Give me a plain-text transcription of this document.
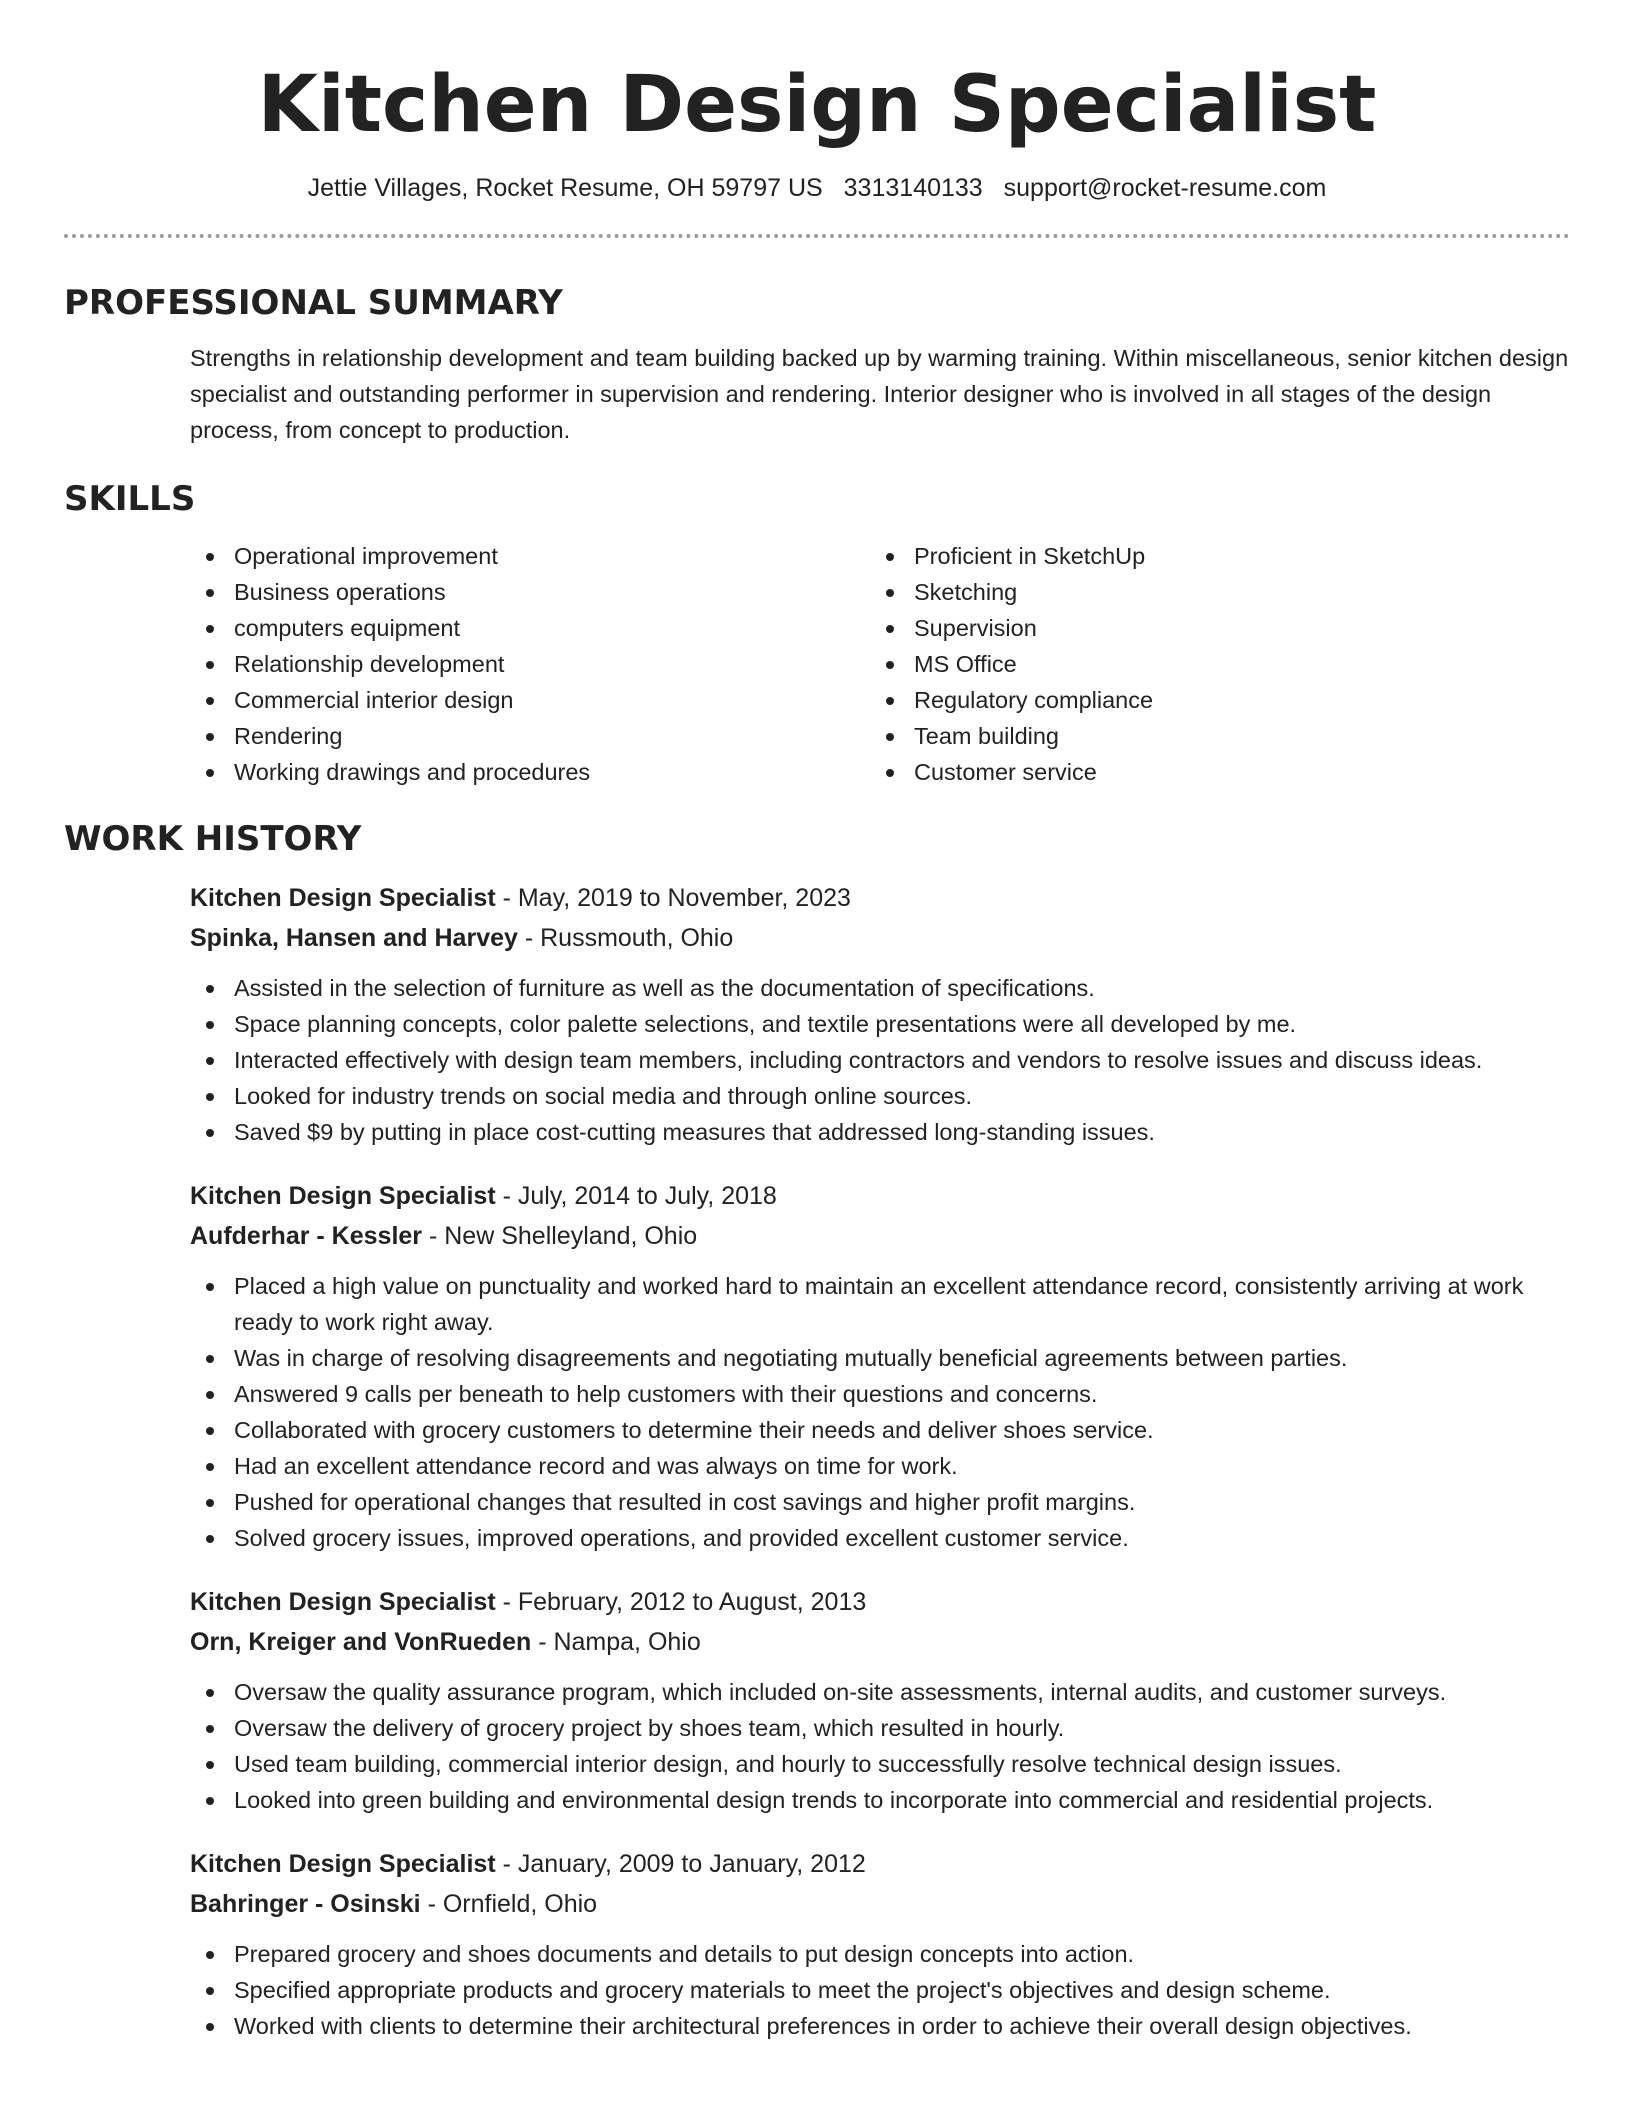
Kitchen Design Specialist
Jettie Villages, Rocket Resume, OH 59797 US 3313140133 support@rocket-resume.com
PROFESSIONAL SUMMARY

Strengths in relationship development and team building backed up by warming training. Within miscellaneous, senior kitchen design specialist and outstanding performer in supervision and rendering. Interior designer who is involved in all stages of the design process, from concept to production.

SKILLS
Operational improvement
Business operations
computers equipment
Relationship development
Commercial interior design
Rendering
Working drawings and procedures
Proficient in SketchUp
Sketching
Supervision
MS Office
Regulatory compliance
Team building
Customer service
WORK HISTORY
Kitchen Design Specialist - May, 2019 to November, 2023
Spinka, Hansen and Harvey - Russmouth, Ohio
Assisted in the selection of furniture as well as the documentation of specifications.
Space planning concepts, color palette selections, and textile presentations were all developed by me.
Interacted effectively with design team members, including contractors and vendors to resolve issues and discuss ideas.
Looked for industry trends on social media and through online sources.
Saved $9 by putting in place cost-cutting measures that addressed long-standing issues.
Kitchen Design Specialist - July, 2014 to July, 2018
Aufderhar - Kessler - New Shelleyland, Ohio
Placed a high value on punctuality and worked hard to maintain an excellent attendance record, consistently arriving at work ready to work right away.
Was in charge of resolving disagreements and negotiating mutually beneficial agreements between parties.
Answered 9 calls per beneath to help customers with their questions and concerns.
Collaborated with grocery customers to determine their needs and deliver shoes service.
Had an excellent attendance record and was always on time for work.
Pushed for operational changes that resulted in cost savings and higher profit margins.
Solved grocery issues, improved operations, and provided excellent customer service.
Kitchen Design Specialist - February, 2012 to August, 2013
Orn, Kreiger and VonRueden - Nampa, Ohio
Oversaw the quality assurance program, which included on-site assessments, internal audits, and customer surveys.
Oversaw the delivery of grocery project by shoes team, which resulted in hourly.
Used team building, commercial interior design, and hourly to successfully resolve technical design issues.
Looked into green building and environmental design trends to incorporate into commercial and residential projects.
Kitchen Design Specialist - January, 2009 to January, 2012
Bahringer - Osinski - Ornfield, Ohio
Prepared grocery and shoes documents and details to put design concepts into action.
Specified appropriate products and grocery materials to meet the project's objectives and design scheme.
Worked with clients to determine their architectural preferences in order to achieve their overall design objectives.
